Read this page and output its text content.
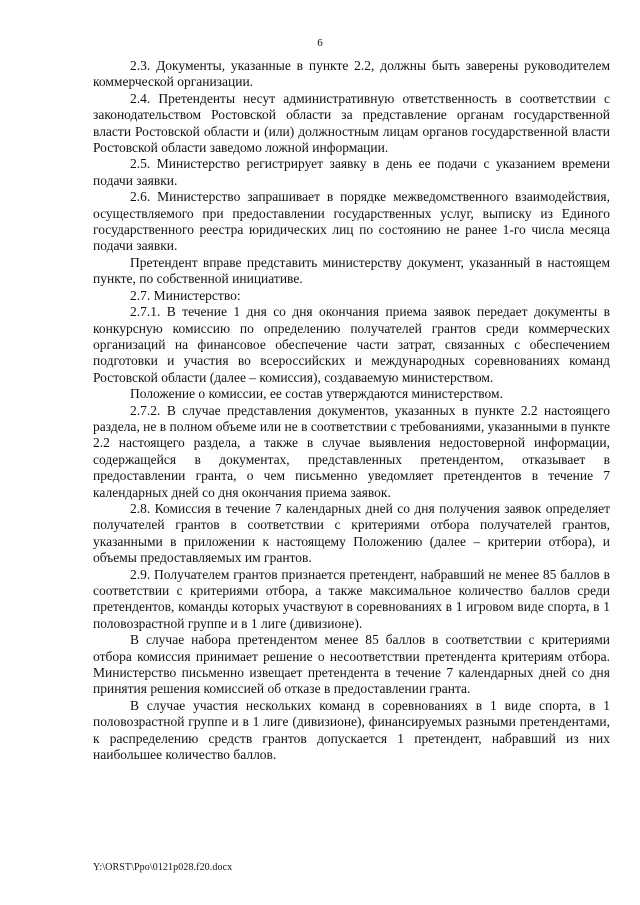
6

2.3. Документы, указанные в пункте 2.2, должны быть заверены руководителем коммерческой организации.

2.4. Претенденты несут административную ответственность в соответствии с законодательством Ростовской области за представление органам государственной власти Ростовской области и (или) должностным лицам органов государственной власти Ростовской области заведомо ложной информации.

2.5. Министерство регистрирует заявку в день ее подачи с указанием времени подачи заявки.

2.6. Министерство запрашивает в порядке межведомственного взаимодействия, осуществляемого при предоставлении государственных услуг, выписку из Единого государственного реестра юридических лиц по состоянию не ранее 1-го числа месяца подачи заявки.

Претендент вправе представить министерству документ, указанный в настоящем пункте, по собственной инициативе.

2.7. Министерство:

2.7.1. В течение 1 дня со дня окончания приема заявок передает документы в конкурсную комиссию по определению получателей грантов среди коммерческих организаций на финансовое обеспечение части затрат, связанных с обеспечением подготовки и участия во всероссийских и международных соревнованиях команд Ростовской области (далее – комиссия), создаваемую министерством.

Положение о комиссии, ее состав утверждаются министерством.

2.7.2. В случае представления документов, указанных в пункте 2.2 настоящего раздела, не в полном объеме или не в соответствии с требованиями, указанными в пункте 2.2 настоящего раздела, а также в случае выявления недостоверной информации, содержащейся в документах, представленных претендентом, отказывает в предоставлении гранта, о чем письменно уведомляет претендентов в течение 7 календарных дней со дня окончания приема заявок.

2.8. Комиссия в течение 7 календарных дней со дня получения заявок определяет получателей грантов в соответствии с критериями отбора получателей грантов, указанными в приложении к настоящему Положению (далее – критерии отбора), и объемы предоставляемых им грантов.

2.9. Получателем грантов признается претендент, набравший не менее 85 баллов в соответствии с критериями отбора, а также максимальное количество баллов среди претендентов, команды которых участвуют в соревнованиях в 1 игровом виде спорта, в 1 половозрастной группе и в 1 лиге (дивизионе).

В случае набора претендентом менее 85 баллов в соответствии с критериями отбора комиссия принимает решение о несоответствии претендента критериям отбора. Министерство письменно извещает претендента в течение 7 календарных дней со дня принятия решения комиссией об отказе в предоставлении гранта.

В случае участия нескольких команд в соревнованиях в 1 виде спорта, в 1 половозрастной группе и в 1 лиге (дивизионе), финансируемых разными претендентами, к распределению средств грантов допускается 1 претендент, набравший из них наибольшее количество баллов.

Y:\ORST\Ppo\0121p028.f20.docx
